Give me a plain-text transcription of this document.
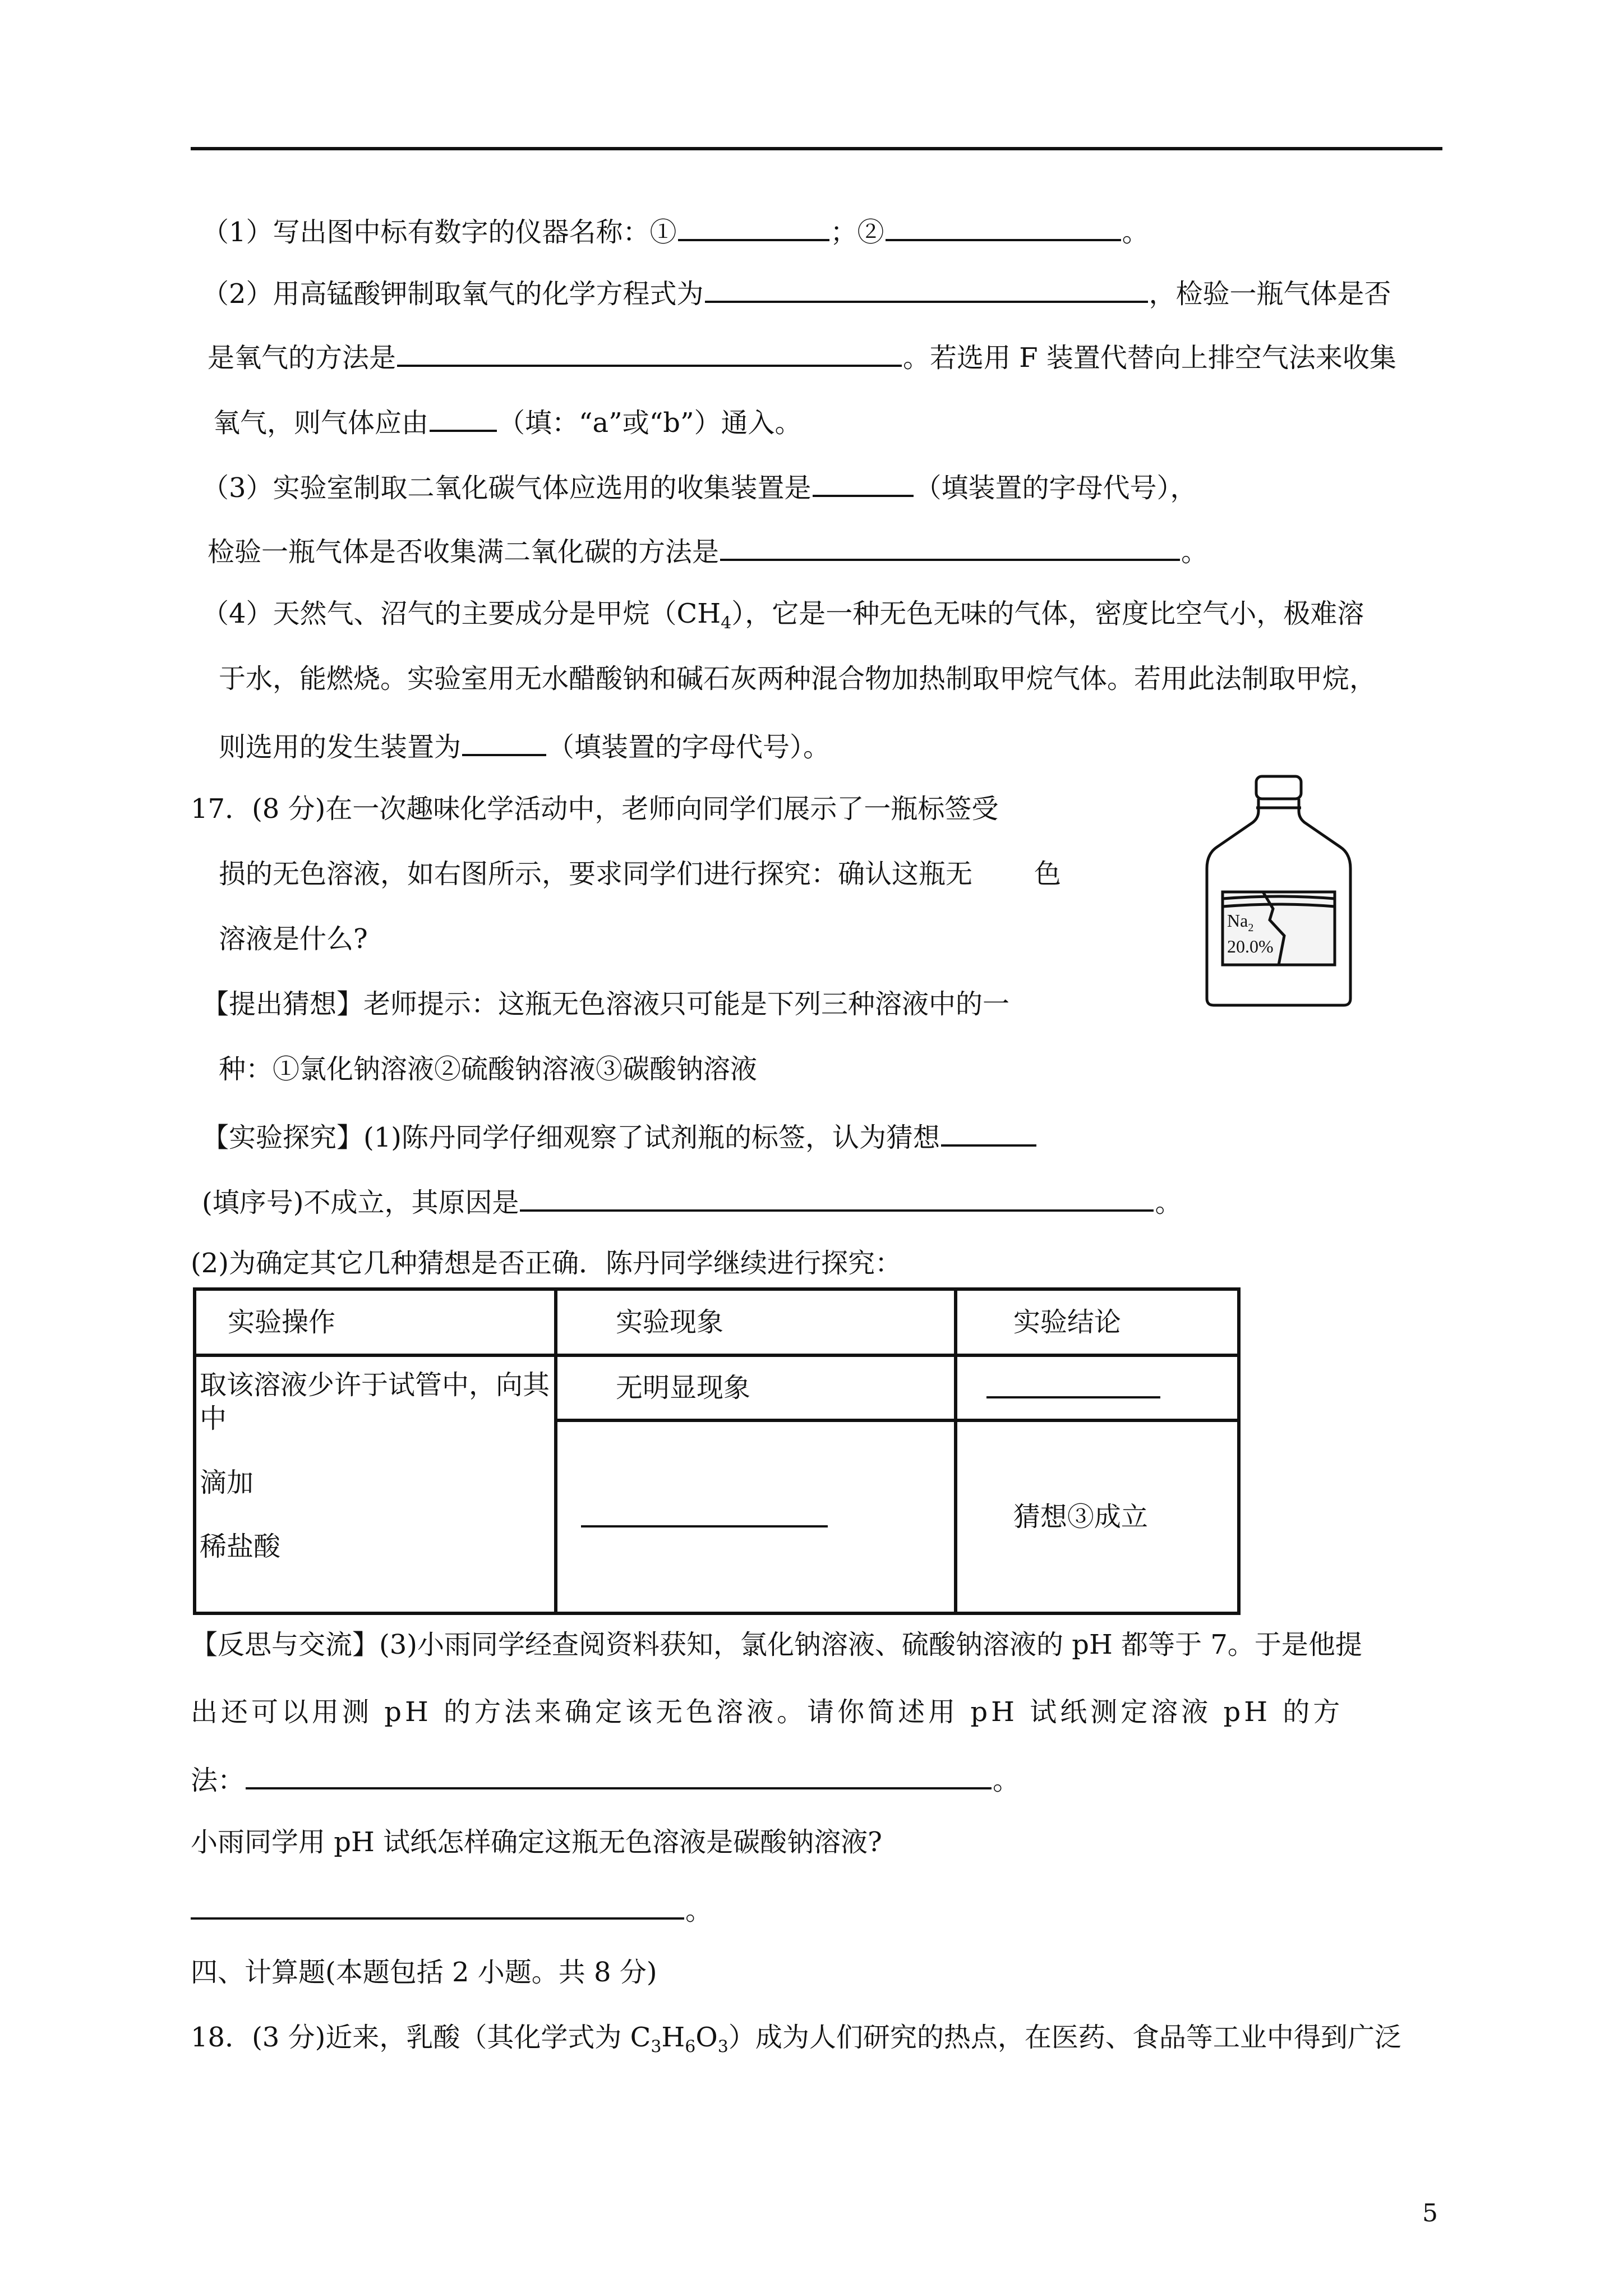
（1）写出图中标有数字的仪器名称：①	；②	。
（2）用高锰酸钾制取氧气的化学方程式为	，检验一瓶气体是否
是氧气的方法是	。若选用 F 装置代替向上排空气法来收集
氧气，则气体应由	（填：“a”或“b”）通入。
（3）实验室制取二氧化碳气体应选用的收集装置是	（填装置的字母代号），
检验一瓶气体是否收集满二氧化碳的方法是	。
（4）天然气、沼气的主要成分是甲烷$(CH_4)$，它是一种无色无味的气体，密度比空气小，极难溶
于水，能燃烧。实验室用无水醋酸钠和碱石灰两种混合物加热制取甲烷气体。若用此法制取甲烷，
则选用的发生装置为	（填装置的字母代号）。
17．(8 分)在一次趣味化学活动中，老师向同学们展示了一瓶标签受
损的无色溶液，如右图所示，要求同学们进行探究：确认这瓶无 色
溶液是什么?
【提出猜想】老师提示：这瓶无色溶液只可能是下列三种溶液中的一
种：①氯化钠溶液②硫酸钠溶液③碳酸钠溶液
【实验探究】(1)陈丹同学仔细观察了试剂瓶的标签，认为猜想
(填序号)不成立，其原因是	。
(2)为确定其它几种猜想是否正确．陈丹同学继续进行探究：
$Na_2$
20.0%
实验操作	实验现象	实验结论

取该溶液少许于试管中，向其中
滴加
稀盐酸	无明显现象	
		猜想③成立
【反思与交流】(3)小雨同学经查阅资料获知，氯化钠溶液、硫酸钠溶液的 pH 都等于 7。于是他提
出还可以用测 pH 的方法来确定该无色溶液。请你简述用 pH 试纸测定溶液 pH 的方
法：	。
小雨同学用 pH 试纸怎样确定这瓶无色溶液是碳酸钠溶液?
。
四、计算题(本题包括 2 小题。共 8 分)
18．(3 分)近来，乳酸（其化学式为 $C_3H_6O_3$）成为人们研究的热点，在医药、食品等工业中得到广泛
5
